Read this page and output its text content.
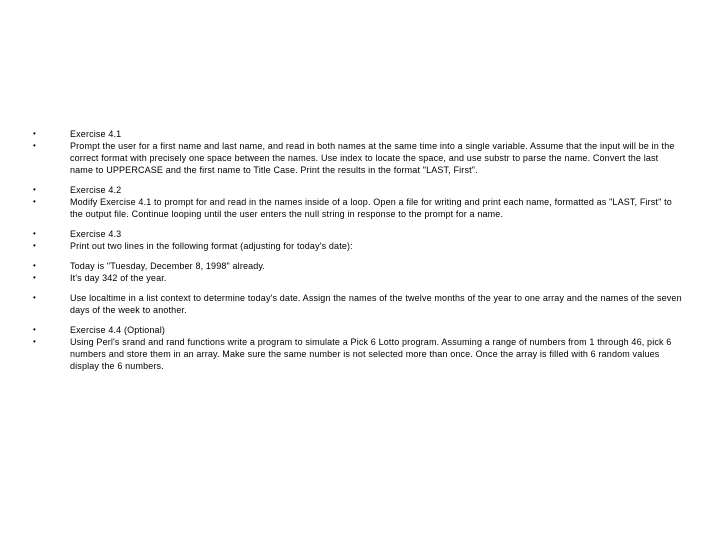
•	Exercise 4.1
•	Prompt the user for a first name and last name, and read in both names at the same time into a single variable. Assume that the input will be in the correct format with precisely one space between the names. Use index to locate the space, and use substr to parse the name. Convert the last name to UPPERCASE and the first name to Title Case. Print the results in the format "LAST, First".
•	Exercise 4.2
•	Modify Exercise 4.1 to prompt for and read in the names inside of a loop. Open a file for writing and print each name, formatted as "LAST, First" to the output file. Continue looping until the user enters the null string in response to the prompt for a name.
•	Exercise 4.3
•	Print out two lines in the following format (adjusting for today's date):
•	Today is "Tuesday, December 8, 1998" already.
•	It's day 342 of the year.
•	Use localtime in a list context to determine today's date. Assign the names of the twelve months of the year to one array and the names of the seven days of the week to another.
•	Exercise 4.4 (Optional)
•	Using Perl's srand and rand functions write a program to simulate a Pick 6 Lotto program. Assuming a range of numbers from 1 through 46, pick 6 numbers and store them in an array. Make sure the same number is not selected more than once. Once the array is filled with 6 random values display the 6 numbers.
